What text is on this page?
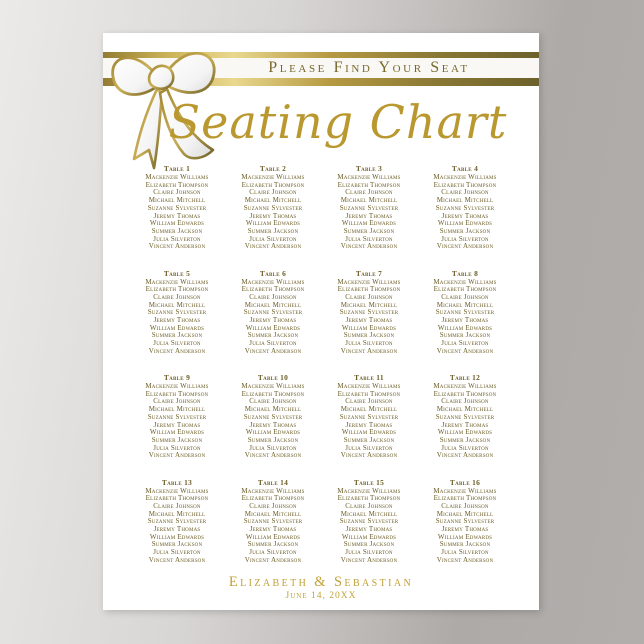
Please Find Your Seat
Seating Chart
Table 1
Mackenzie Williams
Elizabeth Thompson
Claire Johnson
Michael Mitchell
Suzanne Sylvester
Jeremy Thomas
William Edwards
Summer Jackson
Julia Silverton
Vincent Anderson
Table 2
Mackenzie Williams
Elizabeth Thompson
Claire Johnson
Michael Mitchell
Suzanne Sylvester
Jeremy Thomas
William Edwards
Summer Jackson
Julia Silverton
Vincent Anderson
Table 3
Mackenzie Williams
Elizabeth Thompson
Claire Johnson
Michael Mitchell
Suzanne Sylvester
Jeremy Thomas
William Edwards
Summer Jackson
Julia Silverton
Vincent Anderson
Table 4
Mackenzie Williams
Elizabeth Thompson
Claire Johnson
Michael Mitchell
Suzanne Sylvester
Jeremy Thomas
William Edwards
Summer Jackson
Julia Silverton
Vincent Anderson
Table 5
Mackenzie Williams
Elizabeth Thompson
Claire Johnson
Michael Mitchell
Suzanne Sylvester
Jeremy Thomas
William Edwards
Summer Jackson
Julia Silverton
Vincent Anderson
Table 6
Mackenzie Williams
Elizabeth Thompson
Claire Johnson
Michael Mitchell
Suzanne Sylvester
Jeremy Thomas
William Edwards
Summer Jackson
Julia Silverton
Vincent Anderson
Table 7
Mackenzie Williams
Elizabeth Thompson
Claire Johnson
Michael Mitchell
Suzanne Sylvester
Jeremy Thomas
William Edwards
Summer Jackson
Julia Silverton
Vincent Anderson
Table 8
Mackenzie Williams
Elizabeth Thompson
Claire Johnson
Michael Mitchell
Suzanne Sylvester
Jeremy Thomas
William Edwards
Summer Jackson
Julia Silverton
Vincent Anderson
Table 9
Mackenzie Williams
Elizabeth Thompson
Claire Johnson
Michael Mitchell
Suzanne Sylvester
Jeremy Thomas
William Edwards
Summer Jackson
Julia Silverton
Vincent Anderson
Table 10
Mackenzie Williams
Elizabeth Thompson
Claire Johnson
Michael Mitchell
Suzanne Sylvester
Jeremy Thomas
William Edwards
Summer Jackson
Julia Silverton
Vincent Anderson
Table 11
Mackenzie Williams
Elizabeth Thompson
Claire Johnson
Michael Mitchell
Suzanne Sylvester
Jeremy Thomas
William Edwards
Summer Jackson
Julia Silverton
Vincent Anderson
Table 12
Mackenzie Williams
Elizabeth Thompson
Claire Johnson
Michael Mitchell
Suzanne Sylvester
Jeremy Thomas
William Edwards
Summer Jackson
Julia Silverton
Vincent Anderson
Table 13
Mackenzie Williams
Elizabeth Thompson
Claire Johnson
Michael Mitchell
Suzanne Sylvester
Jeremy Thomas
William Edwards
Summer Jackson
Julia Silverton
Vincent Anderson
Table 14
Mackenzie Williams
Elizabeth Thompson
Claire Johnson
Michael Mitchell
Suzanne Sylvester
Jeremy Thomas
William Edwards
Summer Jackson
Julia Silverton
Vincent Anderson
Table 15
Mackenzie Williams
Elizabeth Thompson
Claire Johnson
Michael Mitchell
Suzanne Sylvester
Jeremy Thomas
William Edwards
Summer Jackson
Julia Silverton
Vincent Anderson
Table 16
Mackenzie Williams
Elizabeth Thompson
Claire Johnson
Michael Mitchell
Suzanne Sylvester
Jeremy Thomas
William Edwards
Summer Jackson
Julia Silverton
Vincent Anderson
Elizabeth & Sebastian
June 14, 20XX
